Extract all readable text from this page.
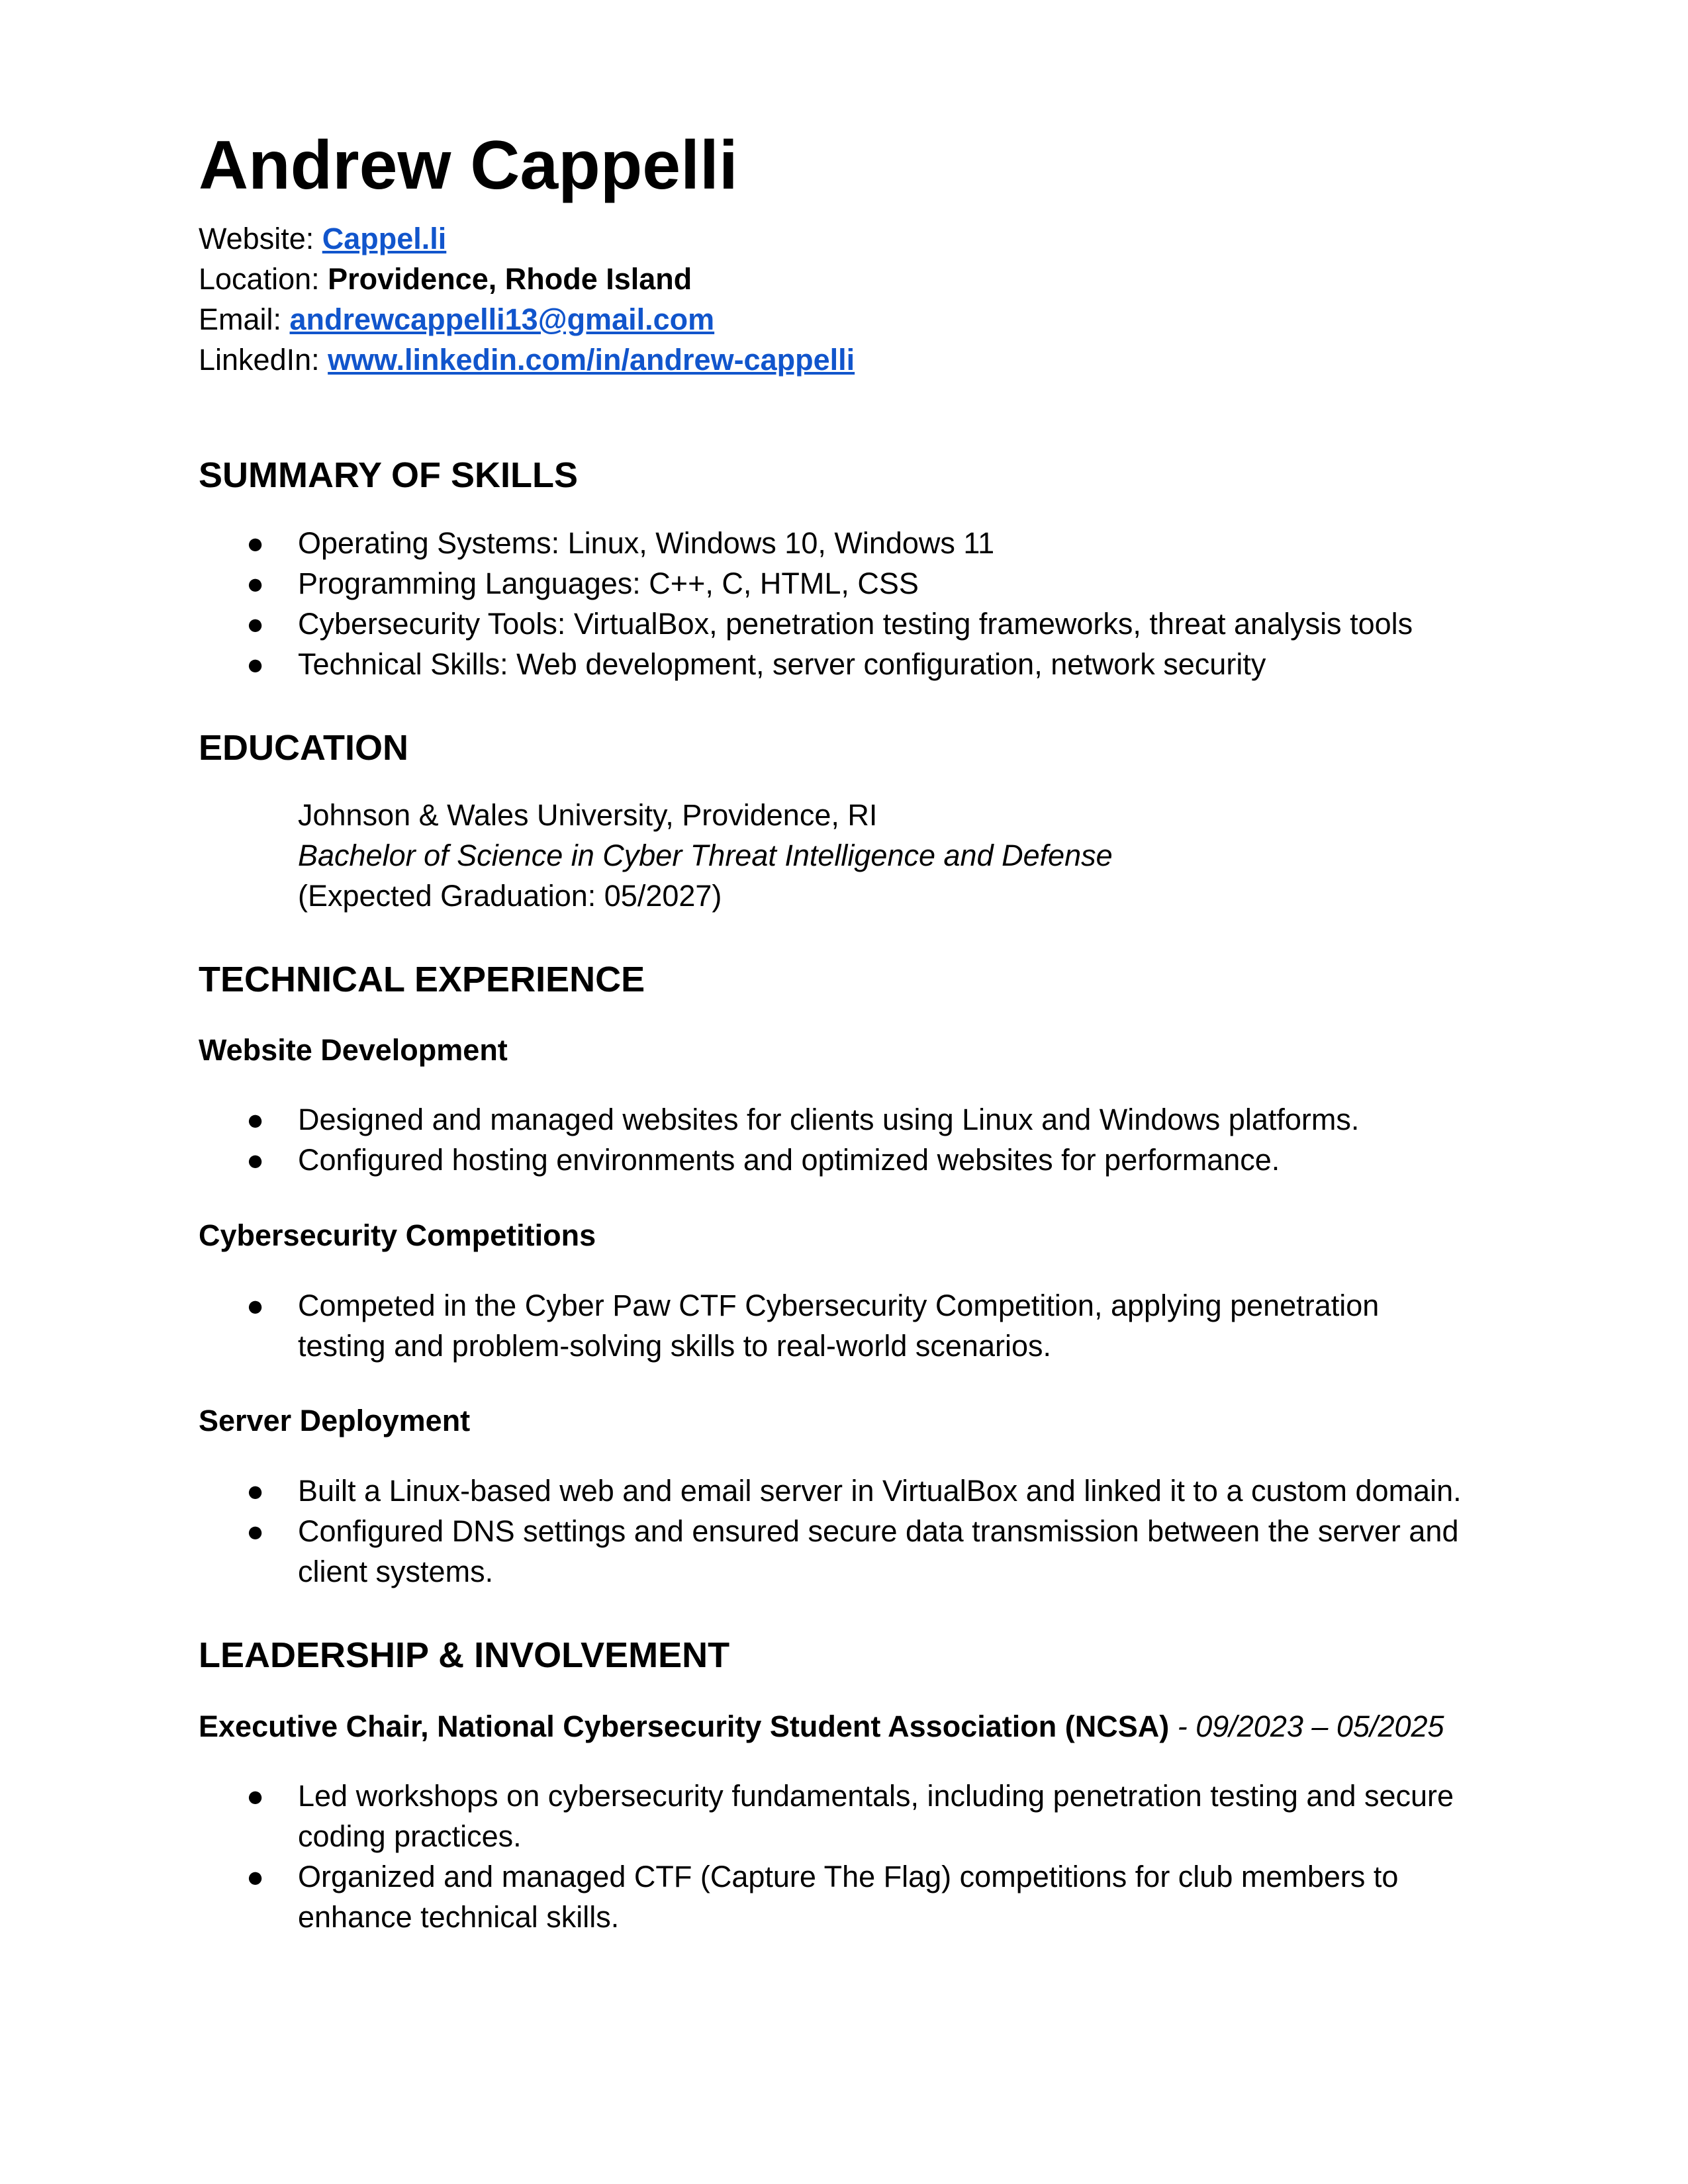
Andrew Cappelli
Website: Cappel.li
Location: Providence, Rhode Island
Email: andrewcappelli13@gmail.com
LinkedIn: www.linkedin.com/in/andrew-cappelli
SUMMARY OF SKILLS
● Operating Systems: Linux, Windows 10, Windows 11
● Programming Languages: C++, C, HTML, CSS
● Cybersecurity Tools: VirtualBox, penetration testing frameworks, threat analysis tools
● Technical Skills: Web development, server configuration, network security
EDUCATION
Johnson & Wales University, Providence, RI
Bachelor of Science in Cyber Threat Intelligence and Defense
(Expected Graduation: 05/2027)
TECHNICAL EXPERIENCE
Website Development
● Designed and managed websites for clients using Linux and Windows platforms.
● Configured hosting environments and optimized websites for performance.
Cybersecurity Competitions
● Competed in the Cyber Paw CTF Cybersecurity Competition, applying penetration testing and problem-solving skills to real-world scenarios.
Server Deployment
● Built a Linux-based web and email server in VirtualBox and linked it to a custom domain.
● Configured DNS settings and ensured secure data transmission between the server and client systems.
LEADERSHIP & INVOLVEMENT
Executive Chair, National Cybersecurity Student Association (NCSA) - 09/2023 – 05/2025
● Led workshops on cybersecurity fundamentals, including penetration testing and secure coding practices.
● Organized and managed CTF (Capture The Flag) competitions for club members to enhance technical skills.
